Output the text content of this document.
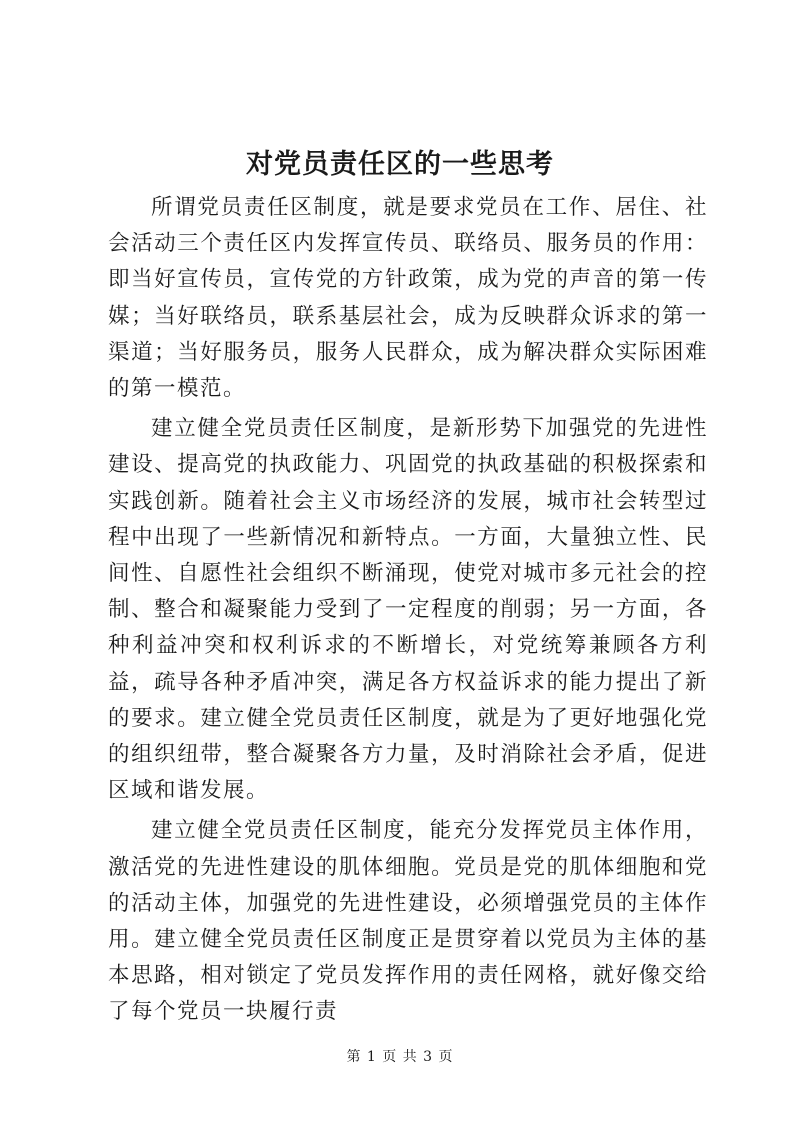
对党员责任区的一些思考

所谓党员责任区制度，就是要求党员在工作、居住、社会活动三个责任区内发挥宣传员、联络员、服务员的作用：即当好宣传员，宣传党的方针政策，成为党的声音的第一传媒；当好联络员，联系基层社会，成为反映群众诉求的第一渠道；当好服务员，服务人民群众，成为解决群众实际困难的第一模范。

建立健全党员责任区制度，是新形势下加强党的先进性建设、提高党的执政能力、巩固党的执政基础的积极探索和实践创新。随着社会主义市场经济的发展，城市社会转型过程中出现了一些新情况和新特点。一方面，大量独立性、民间性、自愿性社会组织不断涌现，使党对城市多元社会的控制、整合和凝聚能力受到了一定程度的削弱；另一方面，各种利益冲突和权利诉求的不断增长，对党统筹兼顾各方利益，疏导各种矛盾冲突，满足各方权益诉求的能力提出了新的要求。建立健全党员责任区制度，就是为了更好地强化党的组织纽带，整合凝聚各方力量，及时消除社会矛盾，促进区域和谐发展。

建立健全党员责任区制度，能充分发挥党员主体作用，激活党的先进性建设的肌体细胞。党员是党的肌体细胞和党的活动主体，加强党的先进性建设，必须增强党员的主体作用。建立健全党员责任区制度正是贯穿着以党员为主体的基本思路，相对锁定了党员发挥作用的责任网格，就好像交给了每个党员一块履行责

第 1 页 共 3 页
